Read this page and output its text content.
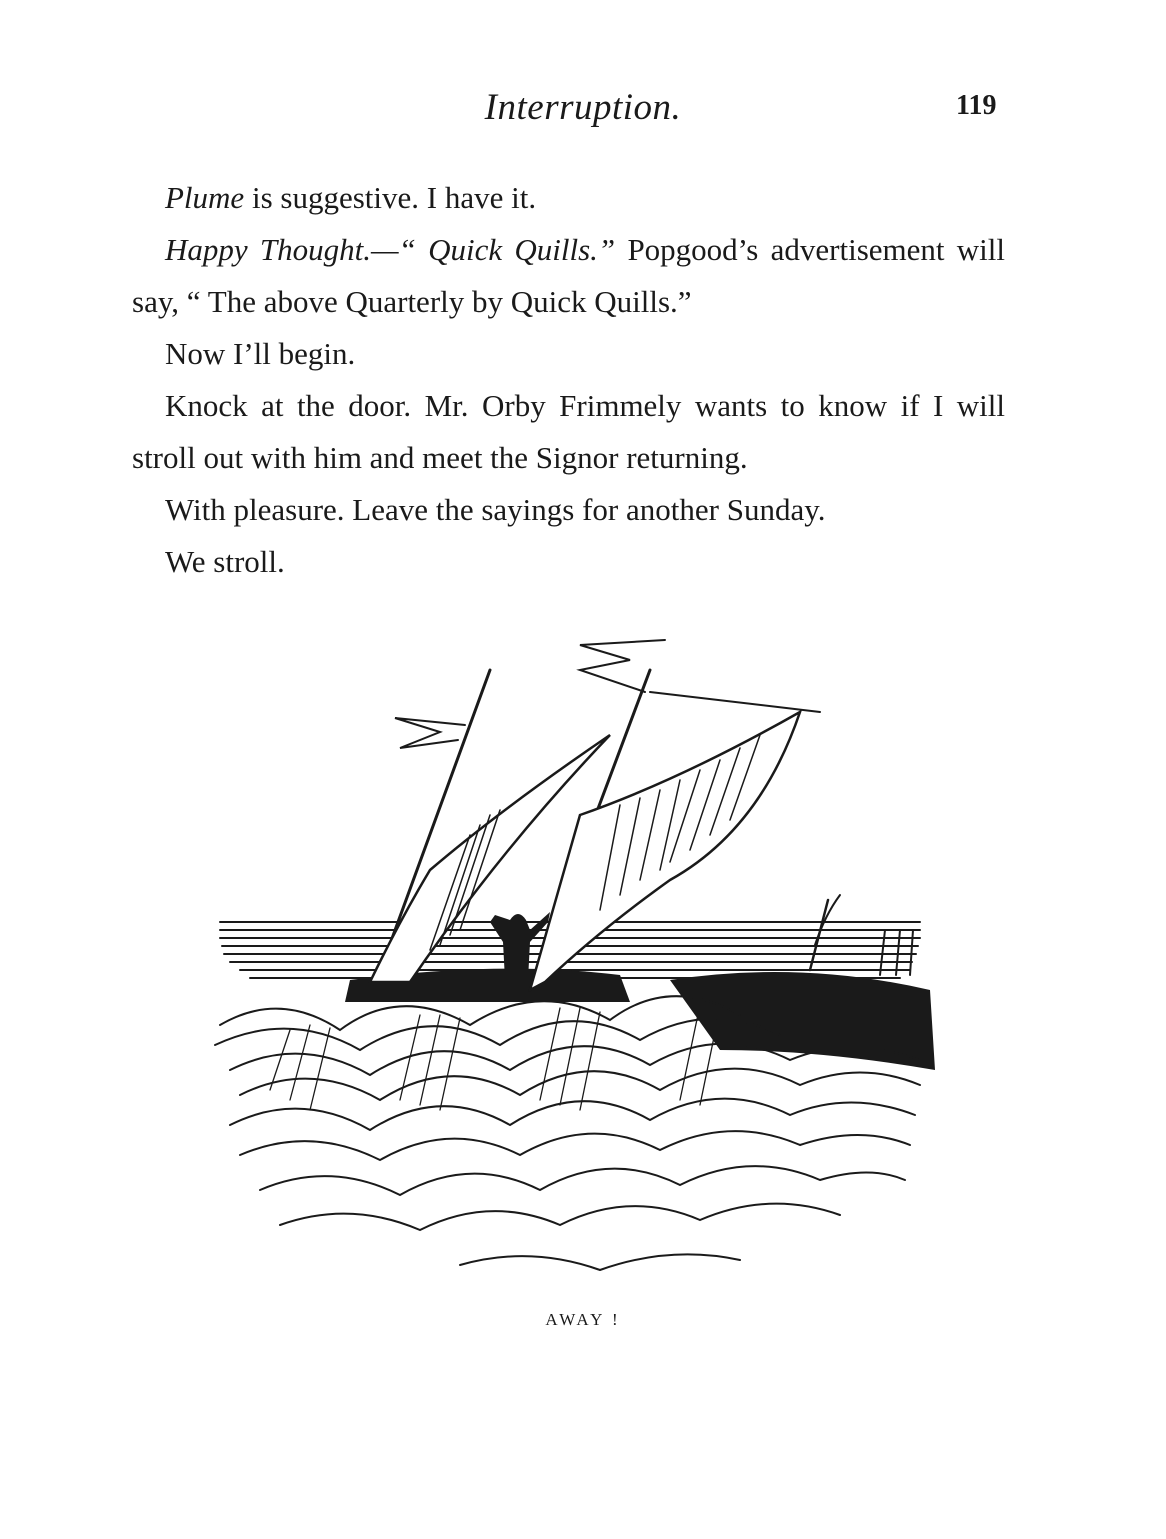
Interruption.	119

Plume is suggestive. I have it.

Happy Thought.—“ Quick Quills.” Popgood’s advertisement will say, “ The above Quarterly by Quick Quills.”

Now I’ll begin.

Knock at the door. Mr. Orby Frimmely wants to know if I will stroll out with him and meet the Signor returning.

With pleasure. Leave the sayings for another Sunday.

We stroll.

AWAY !
